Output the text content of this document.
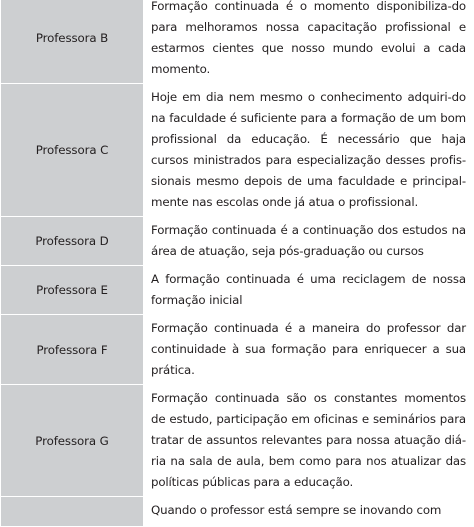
Professora B	Formação continuada é o momento disponibiliza-do para melhoramos nossa capacitação profissional e estarmos cientes que nosso mundo evolui a cada momento.
Professora C	Hoje em dia nem mesmo o conhecimento adquiri-do na faculdade é suficiente para a formação de um bom profissional da educação. É necessário que haja cursos ministrados para especialização desses profis-sionais mesmo depois de uma faculdade e principal-mente nas escolas onde já atua o profissional.
Professora D	Formação continuada é a continuação dos estudos na área de atuação, seja pós-graduação ou cursos
Professora E	A formação continuada é uma reciclagem de nossa formação inicial
Professora F	Formação continuada é a maneira do professor dar continuidade à sua formação para enriquecer a sua prática.
Professora G	Formação continuada são os constantes momentos de estudo, participação em oficinas e seminários para tratar de assuntos relevantes para nossa atuação diá-ria na sala de aula, bem como para nos atualizar das políticas públicas para a educação.
	Quando o professor está sempre se inovando com
